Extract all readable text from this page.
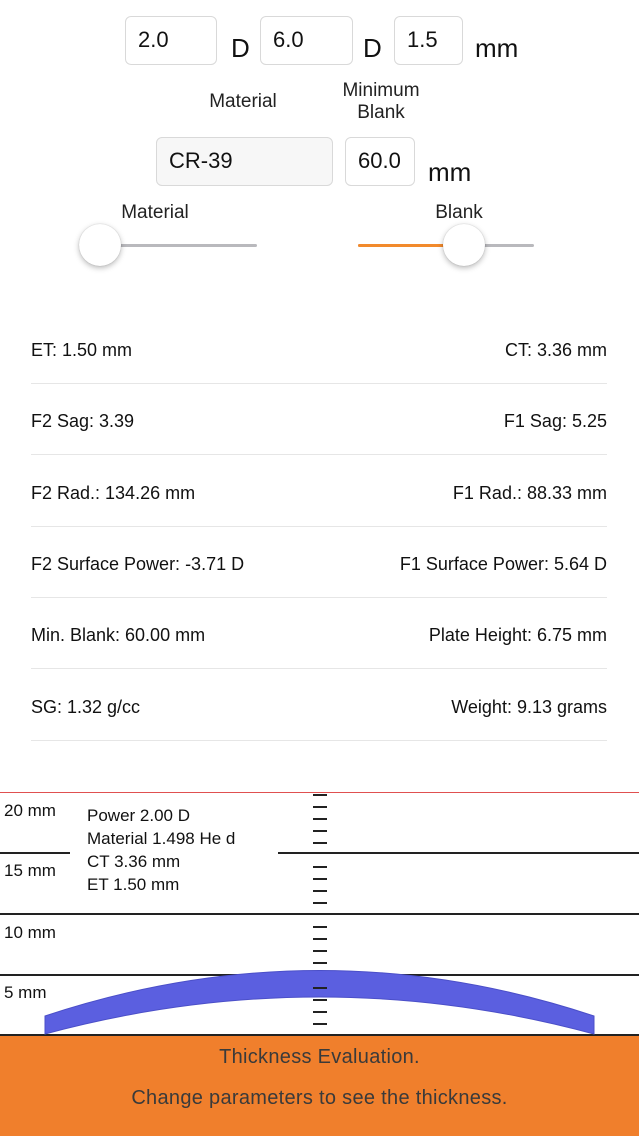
2.0	D	6.0	D	1.5	mm
Material
Minimum
Blank
CR-39	60.0	mm
Material	Blank
ET: 1.50 mm	CT: 3.36 mm
F2 Sag: 3.39	F1 Sag: 5.25
F2 Rad.: 134.26 mm	F1 Rad.: 88.33 mm
F2 Surface Power: -3.71 D	F1 Surface Power: 5.64 D
Min. Blank: 60.00 mm	Plate Height: 6.75 mm
SG: 1.32 g/cc	Weight: 9.13 grams
20 mm
15 mm
10 mm
5 mm
Power 2.00 D
Material 1.498 He d
CT 3.36 mm
ET 1.50 mm
Thickness Evaluation.
Change parameters to see the thickness.
